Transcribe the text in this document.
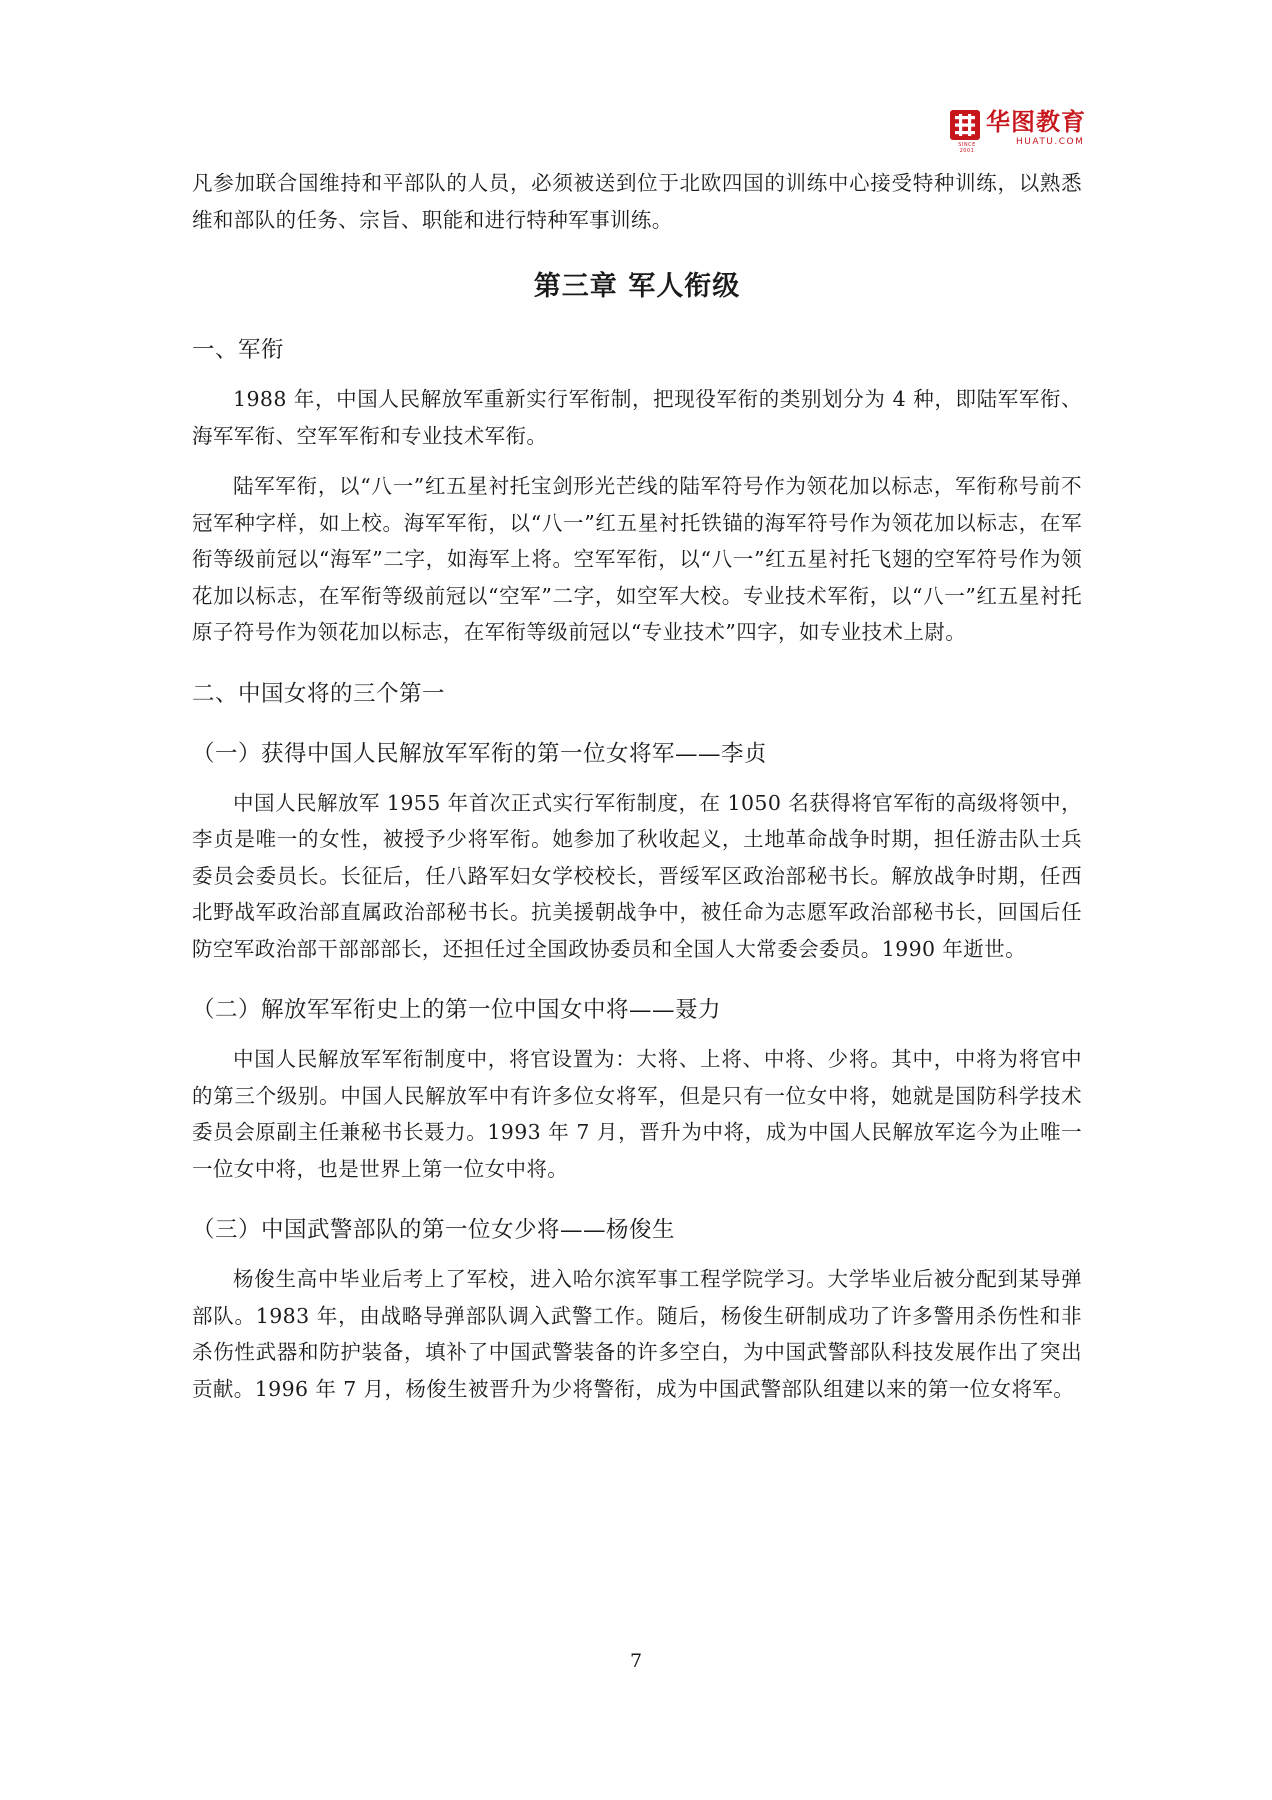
SINCE 2001
华图教育
HUATU.COM

凡参加联合国维持和平部队的人员，必须被送到位于北欧四国的训练中心接受特种训练，以熟悉维和部队的任务、宗旨、职能和进行特种军事训练。

第三章 军人衔级
一、军衔

1988 年，中国人民解放军重新实行军衔制，把现役军衔的类别划分为 4 种，即陆军军衔、海军军衔、空军军衔和专业技术军衔。

陆军军衔，以“八一”红五星衬托宝剑形光芒线的陆军符号作为领花加以标志，军衔称号前不冠军种字样，如上校。海军军衔，以“八一”红五星衬托铁锚的海军符号作为领花加以标志，在军衔等级前冠以“海军”二字，如海军上将。空军军衔，以“八一”红五星衬托飞翅的空军符号作为领花加以标志，在军衔等级前冠以“空军”二字，如空军大校。专业技术军衔，以“八一”红五星衬托原子符号作为领花加以标志，在军衔等级前冠以“专业技术”四字，如专业技术上尉。

二、中国女将的三个第一
（一）获得中国人民解放军军衔的第一位女将军——李贞

中国人民解放军 1955 年首次正式实行军衔制度，在 1050 名获得将官军衔的高级将领中，李贞是唯一的女性，被授予少将军衔。她参加了秋收起义，土地革命战争时期，担任游击队士兵委员会委员长。长征后，任八路军妇女学校校长，晋绥军区政治部秘书长。解放战争时期，任西北野战军政治部直属政治部秘书长。抗美援朝战争中，被任命为志愿军政治部秘书长，回国后任防空军政治部干部部部长，还担任过全国政协委员和全国人大常委会委员。1990 年逝世。

（二）解放军军衔史上的第一位中国女中将——聂力

中国人民解放军军衔制度中，将官设置为：大将、上将、中将、少将。其中，中将为将官中的第三个级别。中国人民解放军中有许多位女将军，但是只有一位女中将，她就是国防科学技术委员会原副主任兼秘书长聂力。1993 年 7 月，晋升为中将，成为中国人民解放军迄今为止唯一一位女中将，也是世界上第一位女中将。

（三）中国武警部队的第一位女少将——杨俊生

杨俊生高中毕业后考上了军校，进入哈尔滨军事工程学院学习。大学毕业后被分配到某导弹部队。1983 年，由战略导弹部队调入武警工作。随后，杨俊生研制成功了许多警用杀伤性和非杀伤性武器和防护装备，填补了中国武警装备的许多空白，为中国武警部队科技发展作出了突出贡献。1996 年 7 月，杨俊生被晋升为少将警衔，成为中国武警部队组建以来的第一位女将军。

7
